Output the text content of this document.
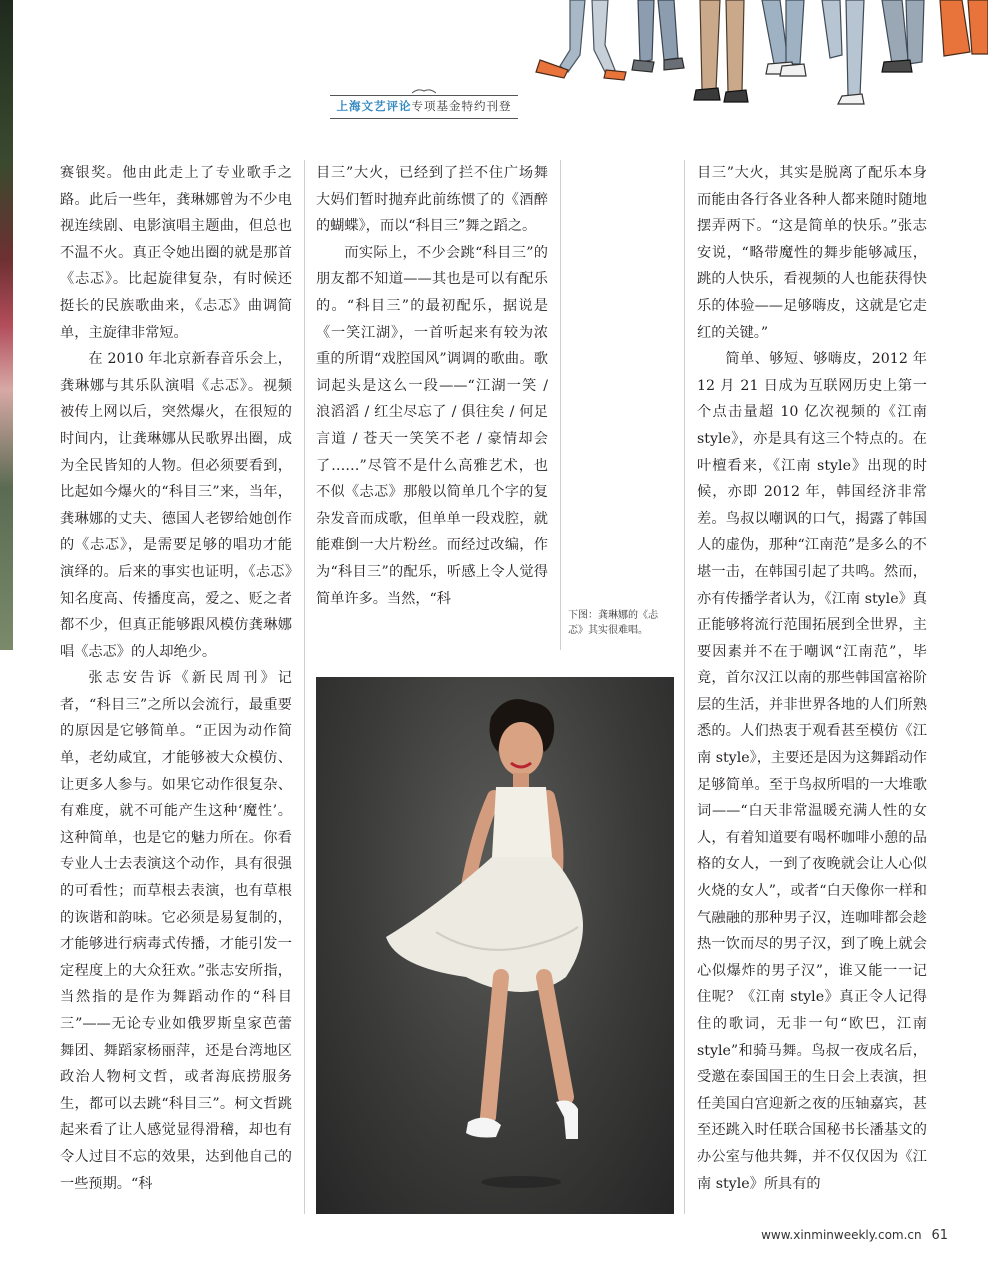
上海文艺评论专项基金特约刊登

赛银奖。他由此走上了专业歌手之路。此后一些年，龚琳娜曾为不少电视连续剧、电影演唱主题曲，但总也不温不火。真正令她出圈的就是那首《忐忑》。比起旋律复杂，有时候还挺长的民族歌曲来，《忐忑》曲调简单，主旋律非常短。

在 2010 年北京新春音乐会上，龚琳娜与其乐队演唱《忐忑》。视频被传上网以后，突然爆火，在很短的时间内，让龚琳娜从民歌界出圈，成为全民皆知的人物。但必须要看到，比起如今爆火的“科目三”来，当年，龚琳娜的丈夫、德国人老锣给她创作的《忐忑》，是需要足够的唱功才能演绎的。后来的事实也证明，《忐忑》知名度高、传播度高，爱之、贬之者都不少，但真正能够跟风模仿龚琳娜唱《忐忑》的人却绝少。

张志安告诉《新民周刊》记者，“科目三”之所以会流行，最重要的原因是它够简单。“正因为动作简单，老幼咸宜，才能够被大众模仿、让更多人参与。如果它动作很复杂、有难度，就不可能产生这种‘魔性’。这种简单，也是它的魅力所在。你看专业人士去表演这个动作，具有很强的可看性；而草根去表演，也有草根的诙谐和韵味。它必须是易复制的，才能够进行病毒式传播，才能引发一定程度上的大众狂欢。”张志安所指，当然指的是作为舞蹈动作的“科目三”——无论专业如俄罗斯皇家芭蕾舞团、舞蹈家杨丽萍，还是台湾地区政治人物柯文哲，或者海底捞服务生，都可以去跳“科目三”。柯文哲跳起来看了让人感觉显得滑稽，却也有令人过目不忘的效果，达到他自己的一些预期。“科

目三”大火，已经到了拦不住广场舞大妈们暂时抛弃此前练惯了的《酒醉的蝴蝶》，而以“科目三”舞之蹈之。

而实际上，不少会跳“科目三”的朋友都不知道——其也是可以有配乐的。“科目三”的最初配乐，据说是《一笑江湖》，一首听起来有较为浓重的所谓“戏腔国风”调调的歌曲。歌词起头是这么一段——“江湖一笑 / 浪滔滔 / 红尘尽忘了 / 俱往矣 / 何足言道 / 苍天一笑笑不老 / 豪情却会了……”尽管不是什么高雅艺术，也不似《忐忑》那般以简单几个字的复杂发音而成歌，但单单一段戏腔，就能难倒一大片粉丝。而经过改编，作为“科目三”的配乐，听感上令人觉得简单许多。当然，“科

下图：龚琳娜的《忐忑》其实很难唱。

目三”大火，其实是脱离了配乐本身而能由各行各业各种人都来随时随地摆弄两下。“这是简单的快乐。”张志安说，“略带魔性的舞步能够减压，跳的人快乐，看视频的人也能获得快乐的体验——足够嗨皮，这就是它走红的关键。”

简单、够短、够嗨皮，2012 年 12 月 21 日成为互联网历史上第一个点击量超 10 亿次视频的《江南 style》，亦是具有这三个特点的。在叶檀看来，《江南 style》出现的时候，亦即 2012 年，韩国经济非常差。鸟叔以嘲讽的口气，揭露了韩国人的虚伪，那种“江南范”是多么的不堪一击，在韩国引起了共鸣。然而，亦有传播学者认为，《江南 style》真正能够将流行范围拓展到全世界，主要因素并不在于嘲讽“江南范”，毕竟，首尔汉江以南的那些韩国富裕阶层的生活，并非世界各地的人们所熟悉的。人们热衷于观看甚至模仿《江南 style》，主要还是因为这舞蹈动作足够简单。至于鸟叔所唱的一大堆歌词——“白天非常温暖充满人性的女人，有着知道要有喝杯咖啡小憩的品格的女人，一到了夜晚就会让人心似火烧的女人”，或者“白天像你一样和气融融的那种男子汉，连咖啡都会趁热一饮而尽的男子汉，到了晚上就会心似爆炸的男子汉”，谁又能一一记住呢？《江南 style》真正令人记得住的歌词，无非一句“欧巴，江南 style”和骑马舞。鸟叔一夜成名后，受邀在泰国国王的生日会上表演，担任美国白宫迎新之夜的压轴嘉宾，甚至还跳入时任联合国秘书长潘基文的办公室与他共舞，并不仅仅因为《江南 style》所具有的

www.xinminweekly.com.cn 61
